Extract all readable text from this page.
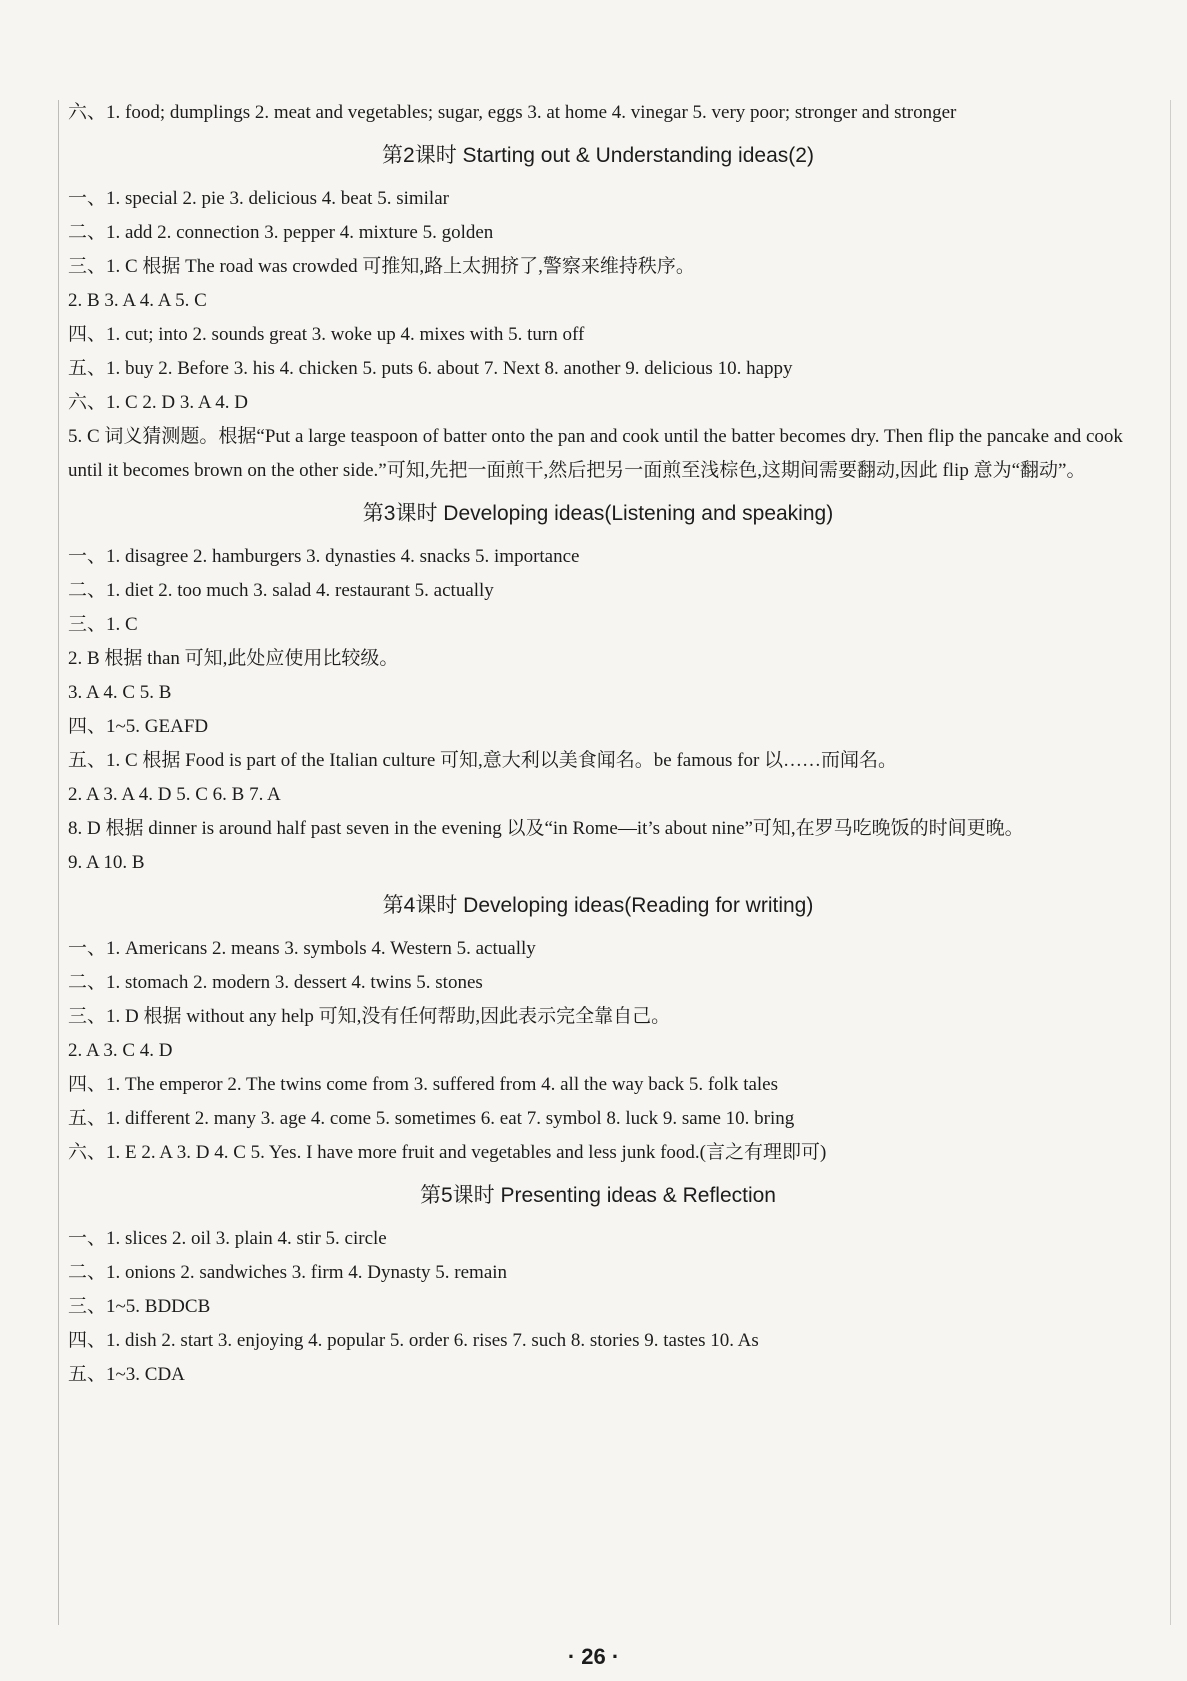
六、1. food; dumplings 2. meat and vegetables; sugar, eggs 3. at home 4. vinegar 5. very poor; stronger and stronger
第2课时 Starting out & Understanding ideas(2)
一、1. special 2. pie 3. delicious 4. beat 5. similar
二、1. add 2. connection 3. pepper 4. mixture 5. golden
三、1. C 根据 The road was crowded 可推知,路上太拥挤了,警察来维持秩序。
2. B 3. A 4. A 5. C
四、1. cut; into 2. sounds great 3. woke up 4. mixes with 5. turn off
五、1. buy 2. Before 3. his 4. chicken 5. puts 6. about 7. Next 8. another 9. delicious 10. happy
六、1. C 2. D 3. A 4. D
5. C 词义猜测题。根据“Put a large teaspoon of batter onto the pan and cook until the batter becomes dry. Then flip the pancake and cook until it becomes brown on the other side.”可知,先把一面煎干,然后把另一面煎至浅棕色,这期间需要翻动,因此 flip 意为“翻动”。
第3课时 Developing ideas(Listening and speaking)
一、1. disagree 2. hamburgers 3. dynasties 4. snacks 5. importance
二、1. diet 2. too much 3. salad 4. restaurant 5. actually
三、1. C
2. B 根据 than 可知,此处应使用比较级。
3. A 4. C 5. B
四、1~5. GEAFD
五、1. C 根据 Food is part of the Italian culture 可知,意大利以美食闻名。be famous for 以……而闻名。
2. A 3. A 4. D 5. C 6. B 7. A
8. D 根据 dinner is around half past seven in the evening 以及“in Rome—it’s about nine”可知,在罗马吃晚饭的时间更晚。
9. A 10. B
第4课时 Developing ideas(Reading for writing)
一、1. Americans 2. means 3. symbols 4. Western 5. actually
二、1. stomach 2. modern 3. dessert 4. twins 5. stones
三、1. D 根据 without any help 可知,没有任何帮助,因此表示完全靠自己。
2. A 3. C 4. D
四、1. The emperor 2. The twins come from 3. suffered from 4. all the way back 5. folk tales
五、1. different 2. many 3. age 4. come 5. sometimes 6. eat 7. symbol 8. luck 9. same 10. bring
六、1. E 2. A 3. D 4. C 5. Yes. I have more fruit and vegetables and less junk food.(言之有理即可)
第5课时 Presenting ideas & Reflection
一、1. slices 2. oil 3. plain 4. stir 5. circle
二、1. onions 2. sandwiches 3. firm 4. Dynasty 5. remain
三、1~5. BDDCB
四、1. dish 2. start 3. enjoying 4. popular 5. order 6. rises 7. such 8. stories 9. tastes 10. As
五、1~3. CDA
· 26 ·
